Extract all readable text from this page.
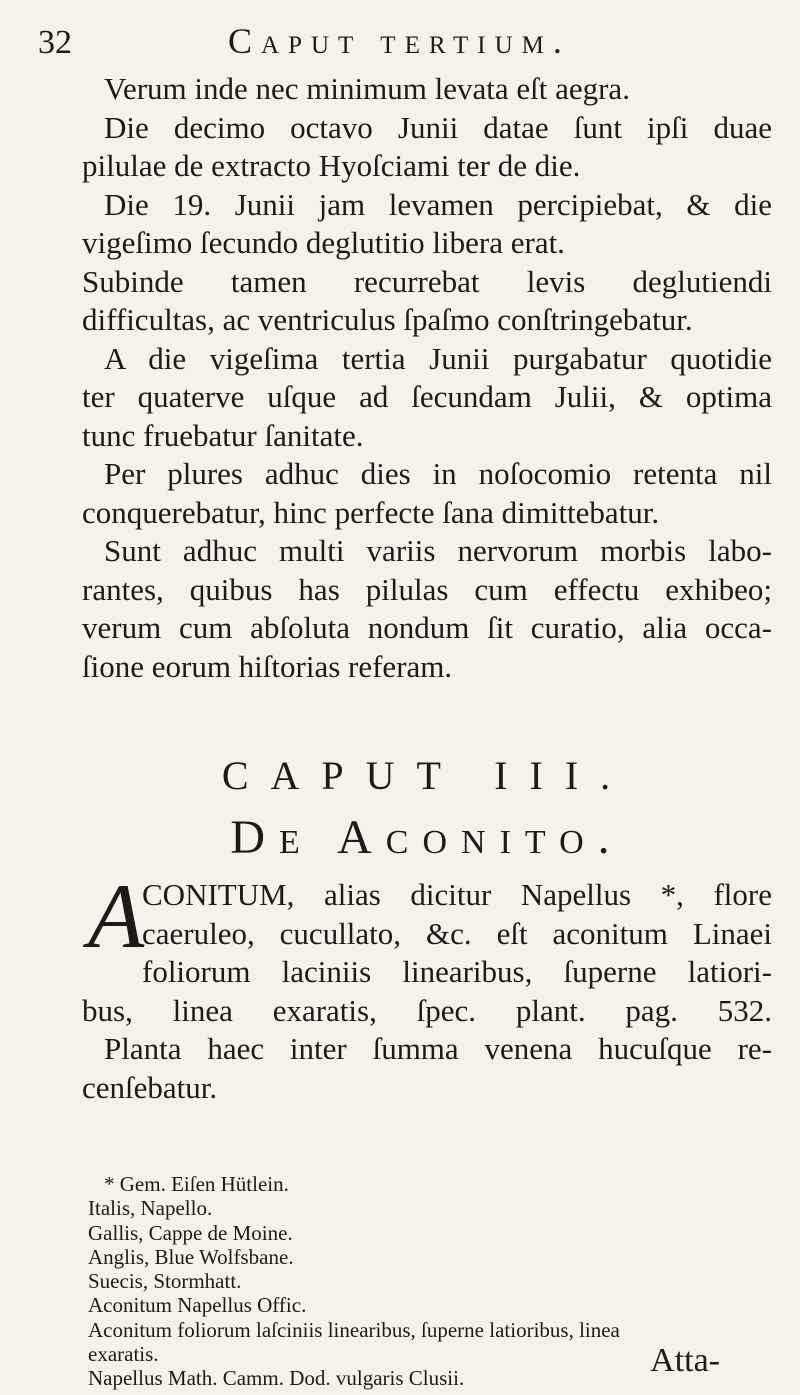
32	Caput tertium.
Verum inde nec minimum levata eſt aegra.
Die decimo octavo Junii datae ſunt ipſi duae
pilulae de extracto Hyoſciami ter de die.
Die 19. Junii jam levamen percipiebat, & die
vigeſimo ſecundo deglutitio libera erat.
Subinde tamen recurrebat levis deglutiendi
difficultas, ac ventriculus ſpaſmo conſtringebatur.
A die vigeſima tertia Junii purgabatur quotidie
ter quaterve uſque ad ſecundam Julii, & optima
tunc fruebatur ſanitate.
Per plures adhuc dies in noſocomio retenta nil
conquerebatur, hinc perfecte ſana dimittebatur.
Sunt adhuc multi variis nervorum morbis labo-
rantes, quibus has pilulas cum effectu exhibeo;
verum cum abſoluta nondum ſit curatio, alia occa-
ſione eorum hiſtorias referam.
CAPUT III.
De Aconito.
A
CONITUM, alias dicitur Napellus *, flore
caeruleo, cucullato, &c. eſt aconitum Linaei
foliorum laciniis linearibus, ſuperne latiori-
bus, linea exaratis, ſpec. plant. pag. 532.
Planta haec inter ſumma venena hucuſque re-
cenſebatur.
* Gem. Eiſen Hütlein.
Italis, Napello.
Gallis, Cappe de Moine.
Anglis, Blue Wolfsbane.
Suecis, Stormhatt.
Aconitum Napellus Offic.
Aconitum foliorum laſciniis linearibus, ſuperne latioribus, linea
exaratis.
Napellus Math. Camm. Dod. vulgaris Clusii.	Atta-
